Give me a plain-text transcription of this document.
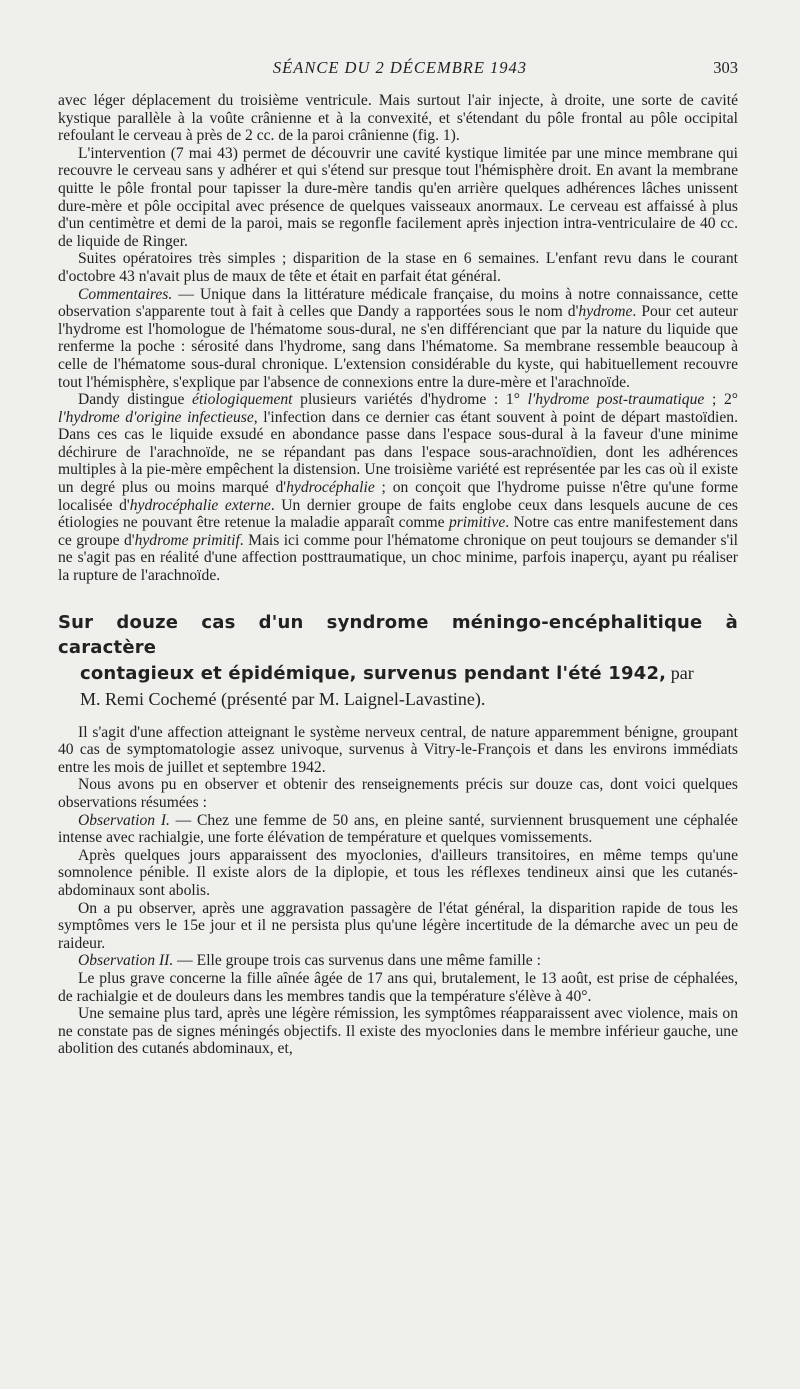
SÉANCE DU 2 DÉCEMBRE 1943	303

avec léger déplacement du troisième ventricule. Mais surtout l'air injecte, à droite, une sorte de cavité kystique parallèle à la voûte crânienne et à la convexité, et s'étendant du pôle frontal au pôle occipital refoulant le cerveau à près de 2 cc. de la paroi crânienne (fig. 1).

L'intervention (7 mai 43) permet de découvrir une cavité kystique limitée par une mince membrane qui recouvre le cerveau sans y adhérer et qui s'étend sur presque tout l'hémisphère droit. En avant la membrane quitte le pôle frontal pour tapisser la dure-mère tandis qu'en arrière quelques adhérences lâches unissent dure-mère et pôle occipital avec présence de quelques vaisseaux anormaux. Le cerveau est affaissé à plus d'un centimètre et demi de la paroi, mais se regonfle facilement après injection intra-ventriculaire de 40 cc. de liquide de Ringer.

Suites opératoires très simples ; disparition de la stase en 6 semaines. L'enfant revu dans le courant d'octobre 43 n'avait plus de maux de tête et était en parfait état général.

Commentaires. — Unique dans la littérature médicale française, du moins à notre connaissance, cette observation s'apparente tout à fait à celles que Dandy a rapportées sous le nom d'hydrome. Pour cet auteur l'hydrome est l'homologue de l'hématome sous-dural, ne s'en différenciant que par la nature du liquide que renferme la poche : sérosité dans l'hydrome, sang dans l'hématome. Sa membrane ressemble beaucoup à celle de l'hématome sous-dural chronique. L'extension considérable du kyste, qui habituellement recouvre tout l'hémisphère, s'explique par l'absence de connexions entre la dure-mère et l'arachnoïde.

Dandy distingue étiologiquement plusieurs variétés d'hydrome : 1° l'hydrome post-traumatique ; 2° l'hydrome d'origine infectieuse, l'infection dans ce dernier cas étant souvent à point de départ mastoïdien. Dans ces cas le liquide exsudé en abondance passe dans l'espace sous-dural à la faveur d'une minime déchirure de l'arachnoïde, ne se répandant pas dans l'espace sous-arachnoïdien, dont les adhérences multiples à la pie-mère empêchent la distension. Une troisième variété est représentée par les cas où il existe un degré plus ou moins marqué d'hydrocéphalie ; on conçoit que l'hydrome puisse n'être qu'une forme localisée d'hydrocéphalie externe. Un dernier groupe de faits englobe ceux dans lesquels aucune de ces étiologies ne pouvant être retenue la maladie apparaît comme primitive. Notre cas entre manifestement dans ce groupe d'hydrome primitif. Mais ici comme pour l'hématome chronique on peut toujours se demander s'il ne s'agit pas en réalité d'une affection posttraumatique, un choc minime, parfois inaperçu, ayant pu réaliser la rupture de l'arachnoïde.

Sur douze cas d'un syndrome méningo-encéphalitique à caractère
contagieux et épidémique, survenus pendant l'été 1942, par
M. Remi Cochemé (présenté par M. Laignel-Lavastine).

Il s'agit d'une affection atteignant le système nerveux central, de nature apparemment bénigne, groupant 40 cas de symptomatologie assez univoque, survenus à Vitry-le-François et dans les environs immédiats entre les mois de juillet et septembre 1942.

Nous avons pu en observer et obtenir des renseignements précis sur douze cas, dont voici quelques observations résumées :

Observation I. — Chez une femme de 50 ans, en pleine santé, surviennent brusquement une céphalée intense avec rachialgie, une forte élévation de température et quelques vomissements.

Après quelques jours apparaissent des myoclonies, d'ailleurs transitoires, en même temps qu'une somnolence pénible. Il existe alors de la diplopie, et tous les réflexes tendineux ainsi que les cutanés-abdominaux sont abolis.

On a pu observer, après une aggravation passagère de l'état général, la disparition rapide de tous les symptômes vers le 15e jour et il ne persista plus qu'une légère incertitude de la démarche avec un peu de raideur.

Observation II. — Elle groupe trois cas survenus dans une même famille :

Le plus grave concerne la fille aînée âgée de 17 ans qui, brutalement, le 13 août, est prise de céphalées, de rachialgie et de douleurs dans les membres tandis que la température s'élève à 40°.

Une semaine plus tard, après une légère rémission, les symptômes réapparaissent avec violence, mais on ne constate pas de signes méningés objectifs. Il existe des myoclonies dans le membre inférieur gauche, une abolition des cutanés abdominaux, et,
